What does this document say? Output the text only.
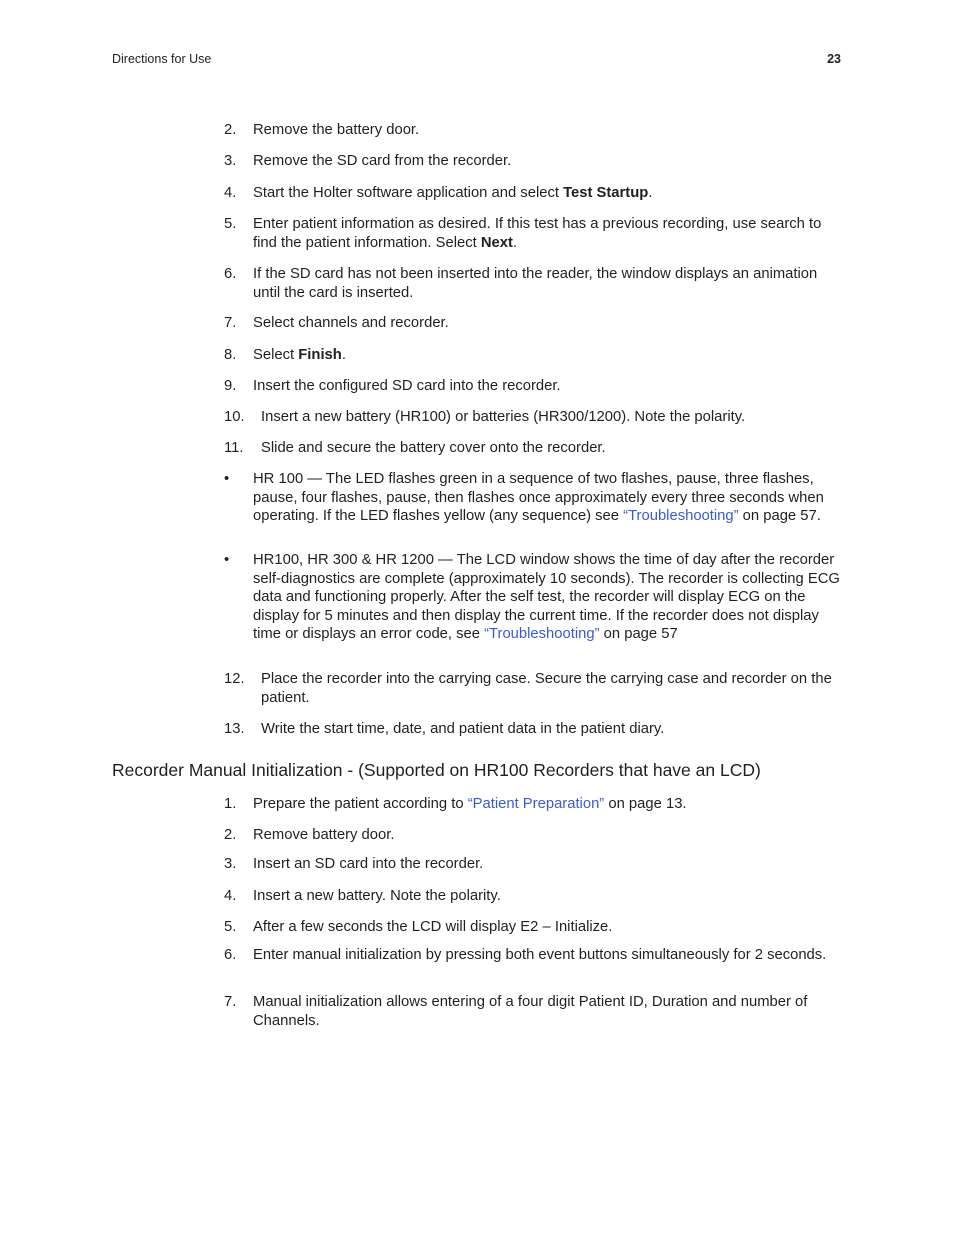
Directions for Use	23
2. Remove the battery door.
3. Remove the SD card from the recorder.
4. Start the Holter software application and select Test Startup.
5. Enter patient information as desired. If this test has a previous recording, use search to find the patient information. Select Next.
6. If the SD card has not been inserted into the reader, the window displays an animation until the card is inserted.
7. Select channels and recorder.
8. Select Finish.
9. Insert the configured SD card into the recorder.
10. Insert a new battery (HR100) or batteries (HR300/1200). Note the polarity.
11. Slide and secure the battery cover onto the recorder.
• HR 100 — The LED flashes green in a sequence of two flashes, pause, three flashes, pause, four flashes, pause, then flashes once approximately every three seconds when operating. If the LED flashes yellow (any sequence) see “Troubleshooting” on page 57.
• HR100, HR 300 & HR 1200 — The LCD window shows the time of day after the recorder self-diagnostics are complete (approximately 10 seconds). The recorder is collecting ECG data and functioning properly. After the self test, the recorder will display ECG on the display for 5 minutes and then display the current time. If the recorder does not display time or displays an error code, see “Troubleshooting” on page 57
12. Place the recorder into the carrying case. Secure the carrying case and recorder on the patient.
13. Write the start time, date, and patient data in the patient diary.
Recorder Manual Initialization - (Supported on HR100 Recorders that have an LCD)
1. Prepare the patient according to “Patient Preparation” on page 13.
2. Remove battery door.
3. Insert an SD card into the recorder.
4. Insert a new battery. Note the polarity.
5. After a few seconds the LCD will display E2 – Initialize.
6. Enter manual initialization by pressing both event buttons simultaneously for 2 seconds.
7. Manual initialization allows entering of a four digit Patient ID, Duration and number of Channels.
